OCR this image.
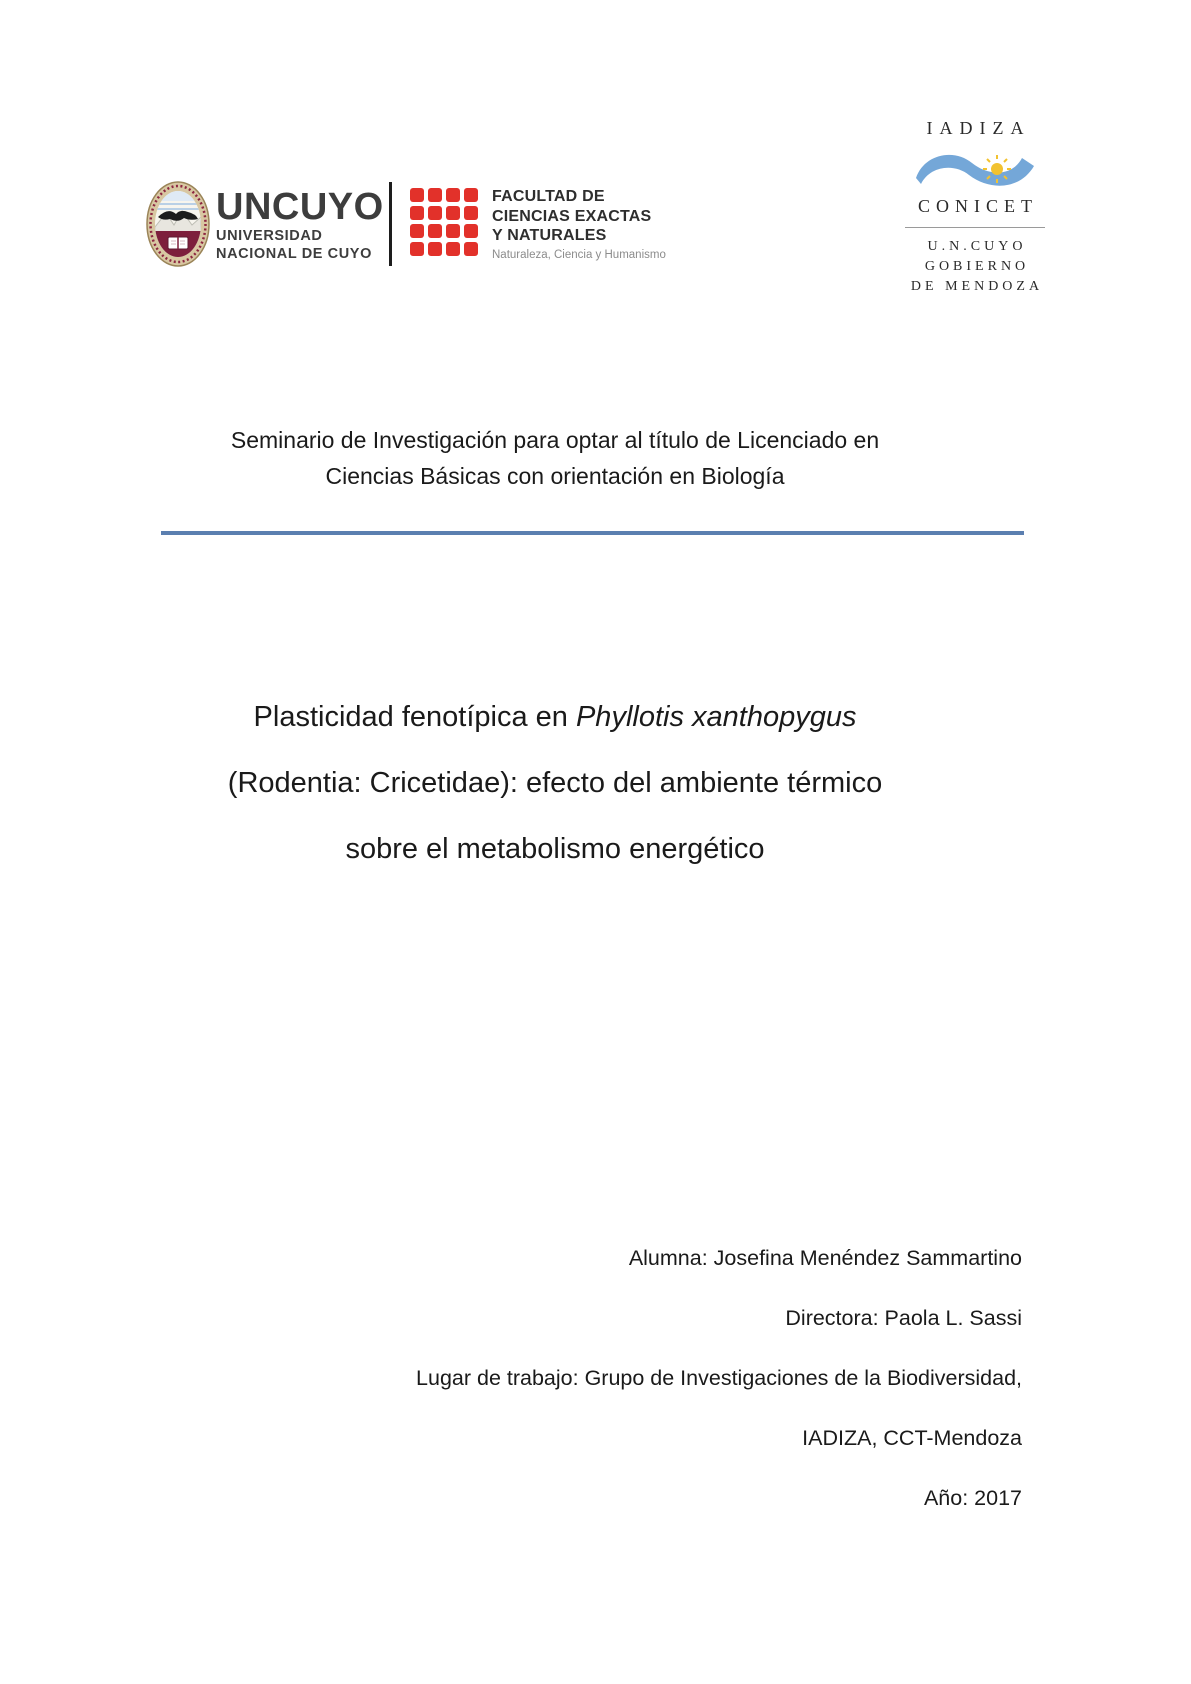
UNCUYO
UNIVERSIDAD
NACIONAL DE CUYO
FACULTAD DE
CIENCIAS EXACTAS
Y NATURALES
Naturaleza, Ciencia y Humanismo
IADIZA
CONICET
U.N.CUYO
GOBIERNO
DE MENDOZA
Seminario de Investigación para optar al título de Licenciado en
Ciencias Básicas con orientación en Biología
Plasticidad fenotípica en Phyllotis xanthopygus
(Rodentia: Cricetidae): efecto del ambiente térmico
sobre el metabolismo energético
Alumna: Josefina Menéndez Sammartino
Directora: Paola L. Sassi
Lugar de trabajo: Grupo de Investigaciones de la Biodiversidad,
IADIZA, CCT-Mendoza
Año: 2017
